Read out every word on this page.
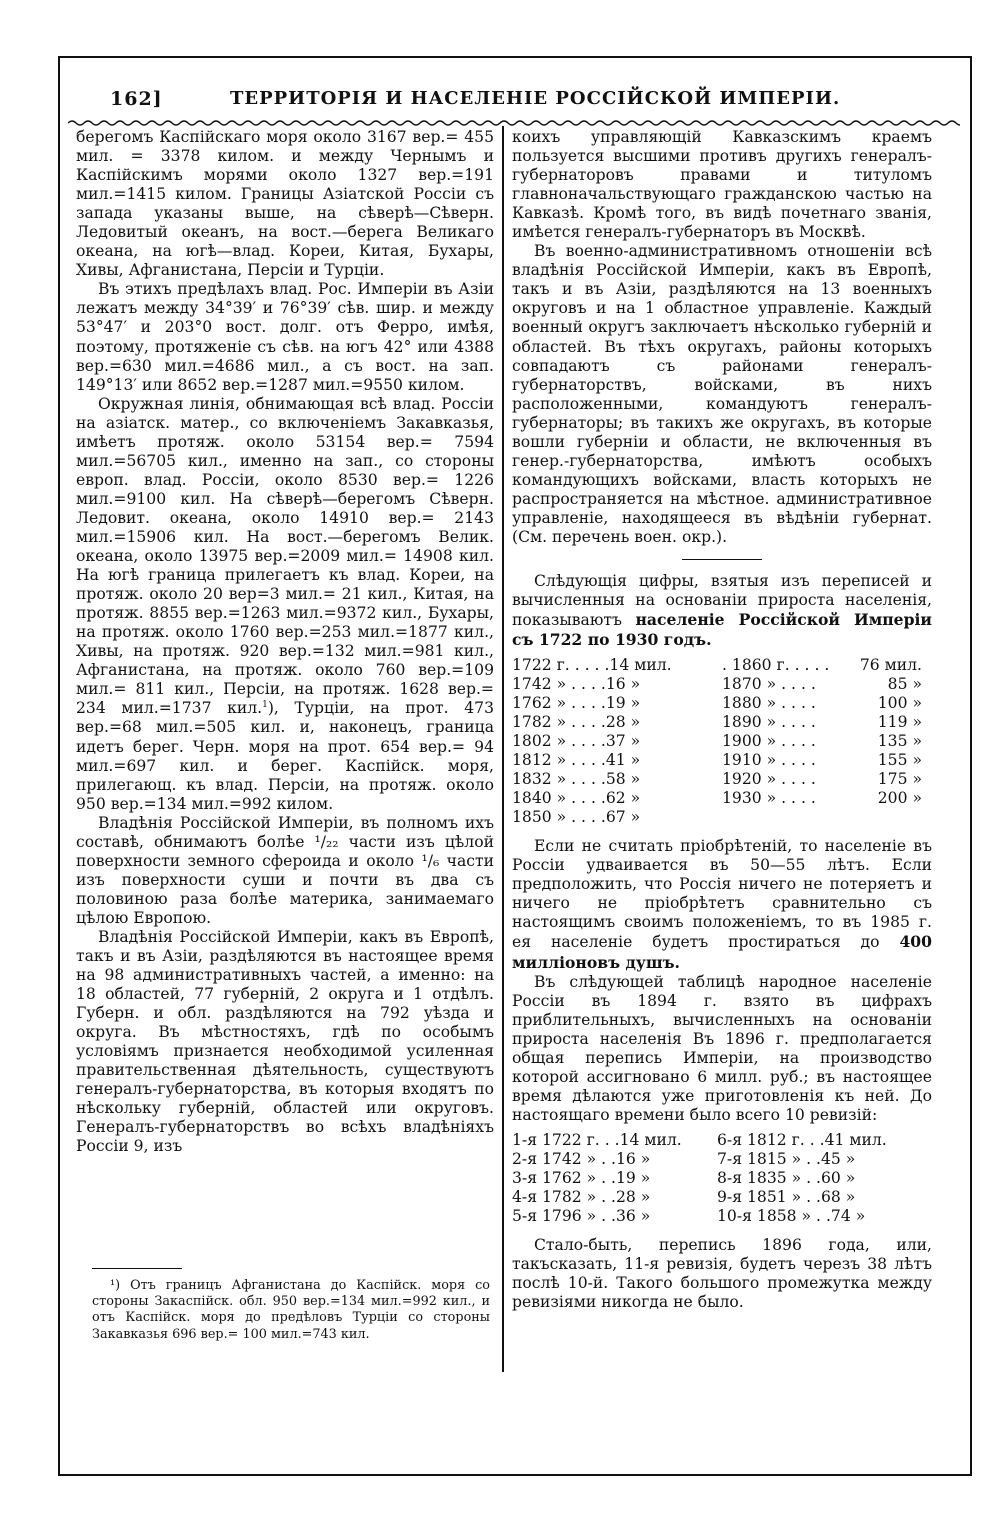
162]	ТЕРРИТОРІЯ И НАСЕЛЕНІЕ РОССІЙСКОЙ ИМПЕРІИ.

берегомъ Каспійскаго моря около 3167 вер.= 455 мил. = 3378 килом. и между Чернымъ и Каспійскимъ морями около 1327 вер.=191 мил.=1415 килом. Границы Азіатской Россіи съ запада указаны выше, на сѣверѣ—Сѣверн. Ледовитый океанъ, на вост.—берега Великаго океана, на югѣ—влад. Кореи, Китая, Бухары, Хивы, Афганистана, Персіи и Турціи.

Въ этихъ предѣлахъ влад. Рос. Имперіи въ Азіи лежатъ между 34°39′ и 76°39′ сѣв. шир. и между 53°47′ и 203°0 вост. долг. отъ Ферро, имѣя, поэтому, протяженіе съ сѣв. на югъ 42° или 4388 вер.=630 мил.=4686 мил., а съ вост. на зап. 149°13′ или 8652 вер.=1287 мил.=9550 килом.

Окружная линія, обнимающая всѣ влад. Россіи на азіатск. матер., со включеніемъ Закавказья, имѣетъ протяж. около 53154 вер.= 7594 мил.=56705 кил., именно на зап., со стороны европ. влад. Россіи, около 8530 вер.= 1226 мил.=9100 кил. На сѣверѣ—берегомъ Сѣверн. Ледовит. океана, около 14910 вер.= 2143 мил.=15906 кил. На вост.—берегомъ Велик. океана, около 13975 вер.=2009 мил.= 14908 кил. На югѣ граница прилегаетъ къ влад. Кореи, на протяж. около 20 вер=3 мил.= 21 кил., Китая, на протяж. 8855 вер.=1263 мил.=9372 кил., Бухары, на протяж. около 1760 вер.=253 мил.=1877 кил., Хивы, на протяж. 920 вер.=132 мил.=981 кил., Афганистана, на протяж. около 760 вер.=109 мил.= 811 кил., Персіи, на протяж. 1628 вер.= 234 мил.=1737 кил.$^1$), Турціи, на прот. 473 вер.=68 мил.=505 кил. и, наконецъ, граница идетъ берег. Черн. моря на прот. 654 вер.= 94 мил.=697 кил. и берег. Каспійск. моря, прилегающ. къ влад. Персіи, на протяж. около 950 вер.=134 мил.=992 килом.

Владѣнія Россійской Имперіи, въ полномъ ихъ составѣ, обнимаютъ болѣе ¹/₂₂ части изъ цѣлой поверхности земного сфероида и около ¹/₆ части изъ поверхности суши и почти въ два съ половиною раза болѣе материка, занимаемаго цѣлою Европою.

Владѣнія Россійской Имперіи, какъ въ Европѣ, такъ и въ Азіи, раздѣляются въ настоящее время на 98 административныхъ частей, а именно: на 18 областей, 77 губерній, 2 округа и 1 отдѣлъ. Губерн. и обл. раздѣляются на 792 уѣзда и округа. Въ мѣстностяхъ, гдѣ по особымъ условіямъ признается необходимой усиленная правительственная дѣятельность, существуютъ генералъ-губернаторства, въ которыя входятъ по нѣскольку губерній, областей или округовъ. Генералъ-губернаторствъ во всѣхъ владѣніяхъ Россіи 9, изъ

¹) Отъ границъ Афганистана до Каспійск. моря со стороны Закаспійск. обл. 950 вер.=134 мил.=992 кил., и отъ Каспійск. моря до предѣловъ Турціи со стороны Закавказья 696 вер.= 100 мил.=743 кил.

коихъ управляющій Кавказскимъ краемъ пользуется высшими противъ другихъ генералъ-губернаторовъ правами и титуломъ главноначальствующаго гражданскою частью на Кавказѣ. Кромѣ того, въ видѣ почетнаго званія, имѣется генералъ-губернаторъ въ Москвѣ.

Въ военно-административномъ отношеніи всѣ владѣнія Россійской Имперіи, какъ въ Европѣ, такъ и въ Азіи, раздѣляются на 13 военныхъ округовъ и на 1 областное управленіе. Каждый военный округъ заключаетъ нѣсколько губерній и областей. Въ тѣхъ округахъ, районы которыхъ совпадаютъ съ районами генералъ-губернаторствъ, войсками, въ нихъ расположенными, командуютъ генералъ-губернаторы; въ такихъ же округахъ, въ которые вошли губерніи и области, не включенныя въ генер.-губернаторства, имѣютъ особыхъ командующихъ войсками, власть которыхъ не распространяется на мѣстное. административное управленіе, находящееся въ вѣдѣніи губернат. (См. перечень воен. окр.).

Слѣдующія цифры, взятыя изъ переписей и вычисленныя на основаніи прироста населенія, показываютъ населеніе Россійской Имперіи съ 1722 по 1930 годъ.

1722 г. . . . .14 мил.	. 1860 г. . . . .	76 мил.
1742 » . . . .16 »	1870 » . . . .	85 »
1762 » . . . .19 »	1880 » . . . .	100 »
1782 » . . . .28 »	1890 » . . . .	119 »
1802 » . . . .37 »	1900 » . . . .	135 »
1812 » . . . .41 »	1910 » . . . .	155 »
1832 » . . . .58 »	1920 » . . . .	175 »
1840 » . . . .62 »	1930 » . . . .	200 »
1850 » . . . .67 »		

Если не считать пріобрѣтеній, то населеніе въ Россіи удваивается въ 50—55 лѣтъ. Если предположить, что Россія ничего не потеряетъ и ничего не пріобрѣтетъ сравнительно съ настоящимъ своимъ положеніемъ, то въ 1985 г. ея населеніе будетъ простираться до 400 милліоновъ душъ.

Въ слѣдующей таблицѣ народное населеніе Россіи въ 1894 г. взято въ цифрахъ приблительныхъ, вычисленныхъ на основаніи прироста населенія Въ 1896 г. предполагается общая перепись Имперіи, на производство которой ассигновано 6 милл. руб.; въ настоящее время дѣлаются уже приготовленія къ ней. До настоящаго времени было всего 10 ревизій:

1-я 1722 г. . .14 мил.	6-я 1812 г. . .41 мил.
2-я 1742 » . .16 »	7-я 1815 » . .45 »
3-я 1762 » . .19 »	8-я 1835 » . .60 »
4-я 1782 » . .28 »	9-я 1851 » . .68 »
5-я 1796 » . .36 »	10-я 1858 » . .74 »

Стало-быть, перепись 1896 года, или, такъсказать, 11-я ревизія, будетъ черезъ 38 лѣтъ послѣ 10-й. Такого большого промежутка между ревизіями никогда не было.
